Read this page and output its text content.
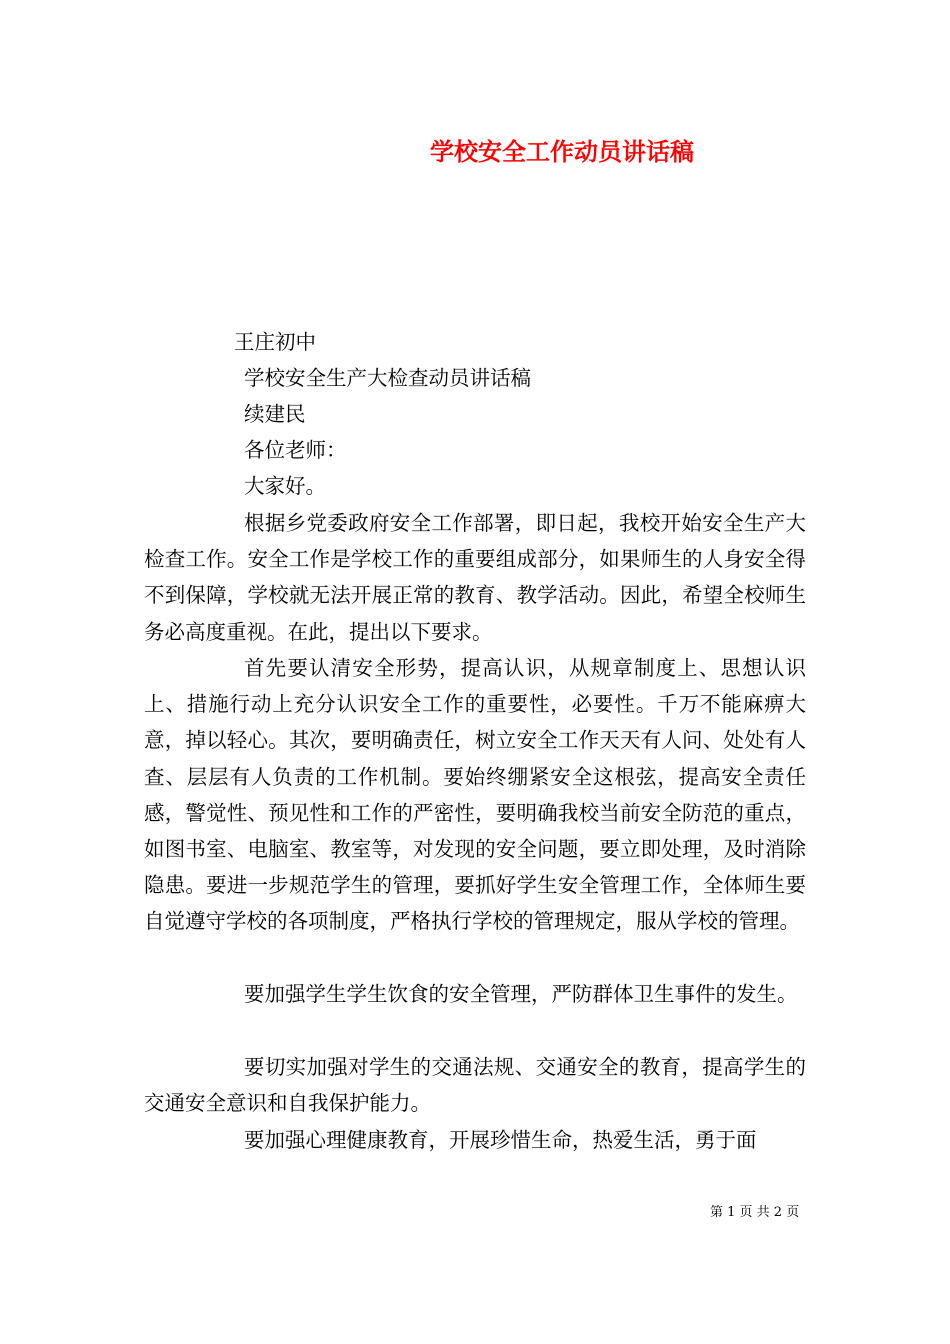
学校安全工作动员讲话稿
王庄初中
学校安全生产大检查动员讲话稿
续建民
各位老师：
大家好。

根据乡党委政府安全工作部署，即日起，我校开始安全生产大检查工作。安全工作是学校工作的重要组成部分，如果师生的人身安全得不到保障，学校就无法开展正常的教育、教学活动。因此，希望全校师生务必高度重视。在此，提出以下要求。

首先要认清安全形势，提高认识，从规章制度上、思想认识上、措施行动上充分认识安全工作的重要性，必要性。千万不能麻痹大意，掉以轻心。其次，要明确责任，树立安全工作天天有人问、处处有人查、层层有人负责的工作机制。要始终绷紧安全这根弦，提高安全责任感，警觉性、预见性和工作的严密性，要明确我校当前安全防范的重点，如图书室、电脑室、教室等，对发现的安全问题，要立即处理，及时消除隐患。要进一步规范学生的管理，要抓好学生安全管理工作，全体师生要自觉遵守学校的各项制度，严格执行学校的管理规定，服从学校的管理。

要加强学生学生饮食的安全管理，严防群体卫生事件的发生。

要切实加强对学生的交通法规、交通安全的教育，提高学生的交通安全意识和自我保护能力。

要加强心理健康教育，开展珍惜生命，热爱生活，勇于面

第 1 页 共 2 页
